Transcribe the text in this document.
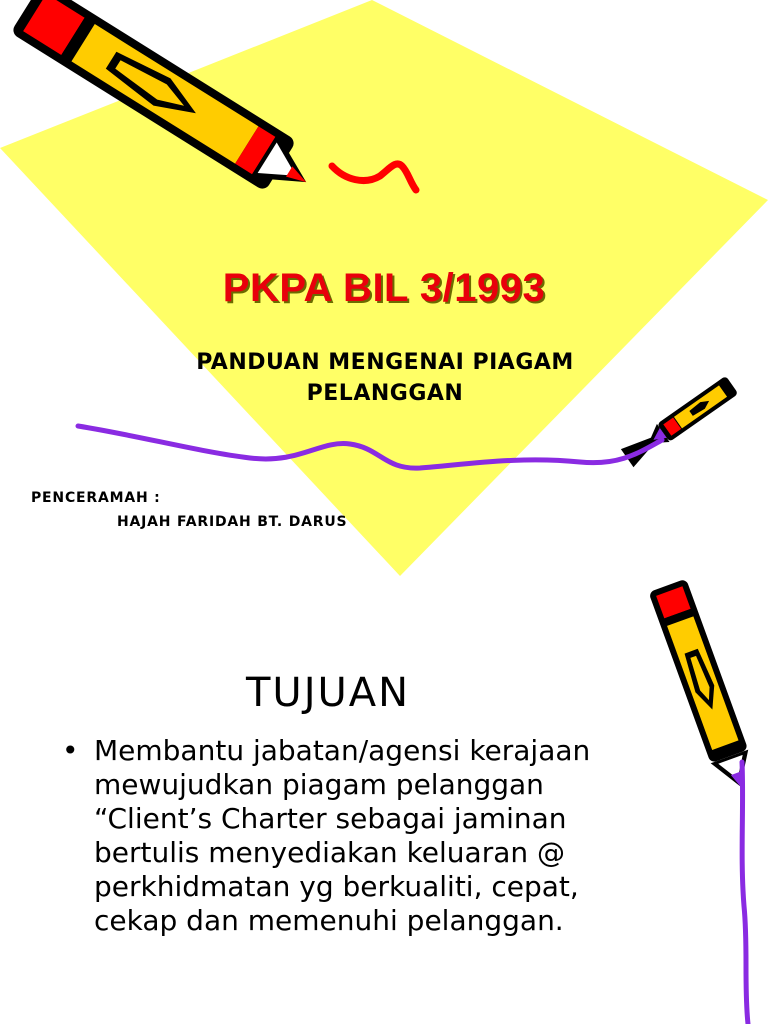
PKPA BIL 3/1993
PANDUAN MENGENAI PIAGAM
PELANGGAN
PENCERAMAH :
HAJAH FARIDAH BT. DARUS
TUJUAN
• Membantu jabatan/agensi kerajaan
mewujudkan piagam pelanggan
“Client’s Charter sebagai jaminan
bertulis menyediakan keluaran @
perkhidmatan yg berkualiti, cepat,
cekap dan memenuhi pelanggan.
